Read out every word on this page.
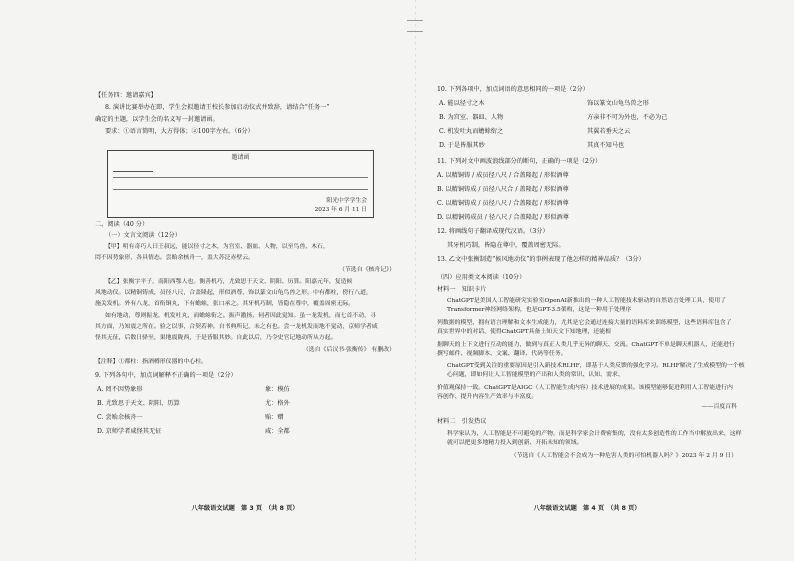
【任务四：邀请嘉宾】

8. 演讲比赛举办在即，学生会拟邀请王校长参加启动仪式并致辞，请结合“任务一”

确定的主题，以学生会的名义写一封邀请函。

要求：①语言简明，大方得体；②100字左右。（6分）

邀请函
阳光中学学生会
2023 年 6 月 11 日

二、阅读（40 分）

（一）文言文阅读（12分）

【甲】明有奇巧人曰王叔远，能以径寸之木，为宫室、器皿、人物，以至鸟兽、木石，

罔不因势象形，各具情态。尝贻余核舟一，盖大苏泛赤壁云。

（节选自《核舟记》）

【乙】张衡字平子，南阳西鄂人也。衡善机巧，尤致思于天文、阴阳、历算。阳嘉元年，复造候

风地动仪。以精铜铸成，员径八尺，合盖隆起，形似酒尊，饰以篆文山龟鸟兽之形。中有都柱，傍行八道，

施关发机。外有八龙，首衔铜丸，下有蟾蜍，张口承之。其牙机巧制，皆隐在尊中，覆盖周密无际。

如有地动，尊则振龙，机发吐丸，而蟾蜍衔之。振声激扬，伺者因此觉知。虽一龙发机，而七首不动，寻

其方面，乃知震之所在。验之以事，合契若神。自书典所记，未之有也。尝一龙机发而地不觉动，京师学者咸

怪其无征，后数日驿至，果地震陇西，于是皆服其妙。自此以后，乃令史官记地动所从方起。

（选自《后汉书·张衡传》 有删改）

【注释】①都柱：指酒樽形仪器的中心柱。

9. 下列各句中，加点词解释不正确的一项是（2分）

A. 罔不因势象形	象：模仿
B. 尤致思于天文、阴阳、历算	尤：格外
C. 尝贻余核舟一	贻：赠
D. 京师学者咸怪其无征	咸：全都
八年级语文试题　第 3 页　（共 8 页）

10. 下列各项中，加点词语的意思相同的一项是（2分）

A. 能以径寸之木	饰以篆文山龟鸟兽之形
B. 为宫室、器皿、人物	方亲非不可为外也，不必为己
C. 机发吐丸而蟾蜍衔之	其翼若垂天之云
D. 于是皆服其妙	其真不知马也

11. 下列对文中画波浪线部分的断句，正确的一项是（2分）

A. 以精铜铸 / 成员径八尺 / 合盖隆起 / 形似酒尊

B. 以精铜铸成 / 员径八尺合 / 盖隆起 / 形似酒尊

C. 以精铜铸成 / 员径八尺 / 合盖隆起 / 形似酒尊

D. 以精铜铸成员 / 径八尺 / 合盖隆起 / 形似酒尊

12. 将画线句子翻译成现代汉语。（3分）

其牙机巧制，皆隐在尊中，覆盖周密无际。

13. 乙文中张衡制造“候风地动仪”的事例表现了他怎样的精神品质？（3分）

（四）应用类文本阅读（10分）

材料一　知识卡片

ChatGPT是美国人工智能研究实验室OpenAI新推出的一种人工智能技术驱动的自然语言处理工具，使用了Transformer神经网络架构，也是GPT-3.5架构，这是一种用于处理序

列数据的模型，拥有语言理解和文本生成能力，尤其是它会通过连接大量的语料库来训练模型，这些语料库包含了真实世界中的对话，使得ChatGPT具备上知天文下知地理，还能根

据聊天的上下文进行互动的能力，做到与真正人类几乎无异的聊天、交流。ChatGPT不单是聊天机器人，还能进行撰写邮件、视频脚本、文案、翻译、代码等任务。

ChatGPT受到关注的重要原因是引入新技术RLHF，即基于人类反馈的强化学习。RLHF解决了生成模型的一个核心问题，即如何让人工智能模型的产出和人类的常识、认知、需求、

价值观保持一致。ChatGPT是AIGC（人工智能生成内容）技术进展的成果。该模型能够促进利用人工智能进行内容创作、提升内容生产效率与丰富度。

——百度百科

材料二　引发热议

科学家认为，人工智能是不可避免的产物，而是科学家会计费密集的，没有太多创造性的工作当中解放出来，这样就可以把更多地精力投入到创新、开拓未知的领域。

（节选自《人工智能会不会成为一种危害人类的可怕机器人吗？》2023 年 2 月 9 日）

八年级语文试题　第 4 页　（共 8 页）
